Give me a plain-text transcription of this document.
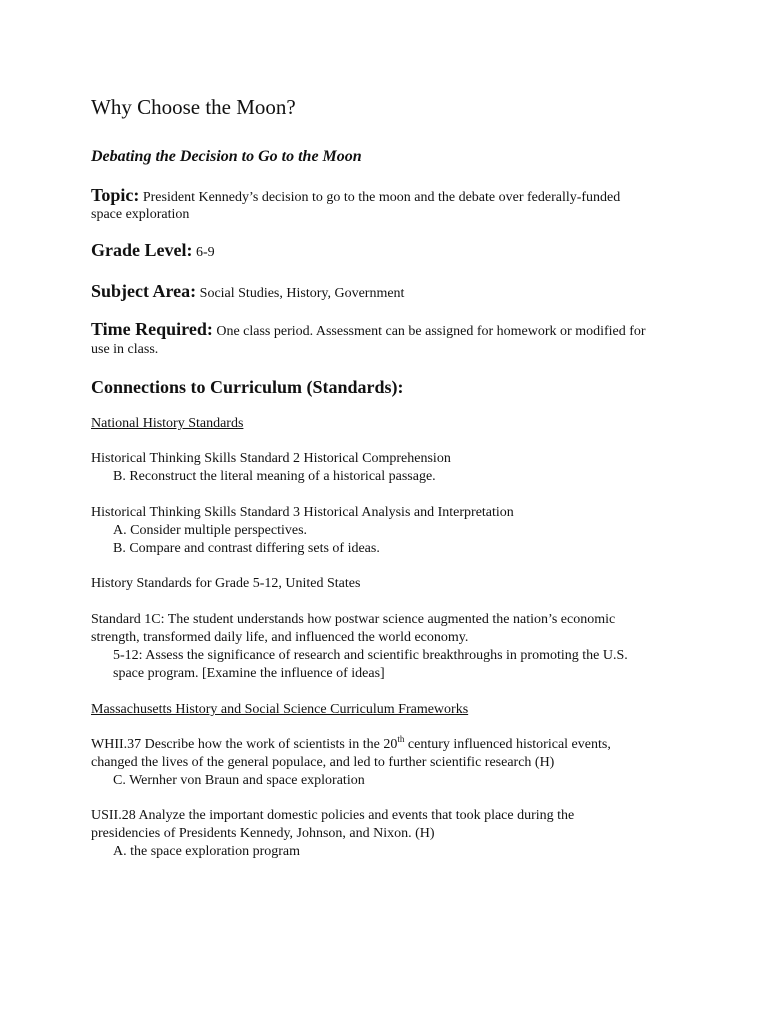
Why Choose the Moon?
Debating the Decision to Go to the Moon
Topic: President Kennedy’s decision to go to the moon and the debate over federally-funded
space exploration
Grade Level: 6-9
Subject Area: Social Studies, History, Government
Time Required: One class period. Assessment can be assigned for homework or modified for
use in class.
Connections to Curriculum (Standards):
National History Standards
Historical Thinking Skills Standard 2 Historical Comprehension
B. Reconstruct the literal meaning of a historical passage.
Historical Thinking Skills Standard 3 Historical Analysis and Interpretation
A. Consider multiple perspectives.
B. Compare and contrast differing sets of ideas.
History Standards for Grade 5-12, United States
Standard 1C: The student understands how postwar science augmented the nation’s economic
strength, transformed daily life, and influenced the world economy.
5-12: Assess the significance of research and scientific breakthroughs in promoting the U.S.
space program. [Examine the influence of ideas]
Massachusetts History and Social Science Curriculum Frameworks
WHII.37 Describe how the work of scientists in the 20th century influenced historical events,
changed the lives of the general populace, and led to further scientific research (H)
C. Wernher von Braun and space exploration
USII.28 Analyze the important domestic policies and events that took place during the
presidencies of Presidents Kennedy, Johnson, and Nixon. (H)
A. the space exploration program
